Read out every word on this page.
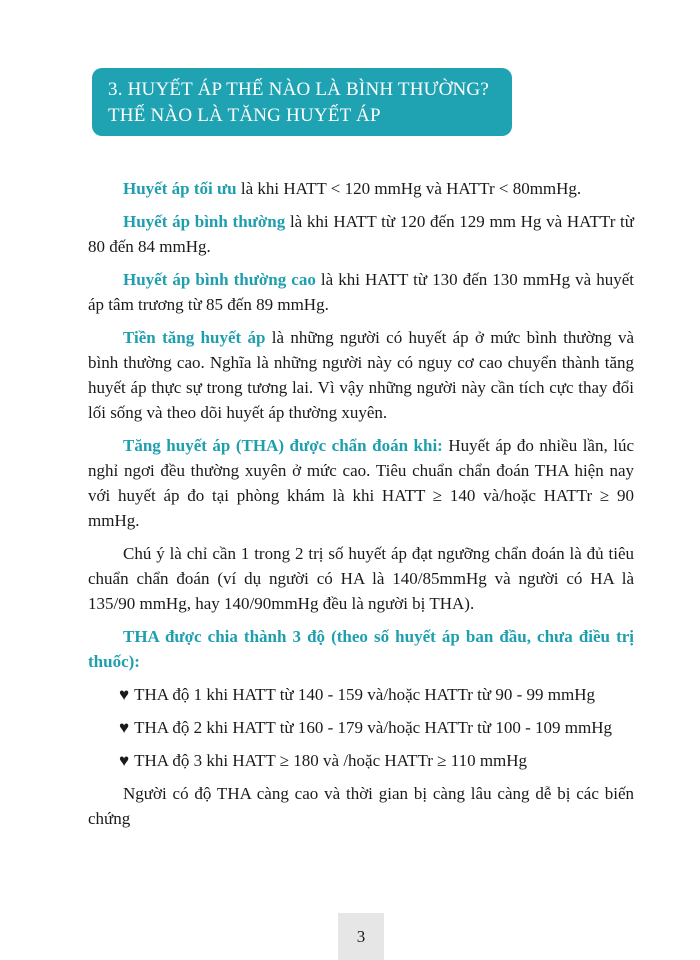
3. HUYẾT ÁP THẾ NÀO LÀ BÌNH THƯỜNG?
THẾ NÀO LÀ TĂNG HUYẾT ÁP

Huyết áp tối ưu là khi HATT < 120 mmHg và HATTr < 80mmHg.

Huyết áp bình thường là khi HATT từ 120 đến 129 mm Hg và HATTr từ 80 đến 84 mmHg.

Huyết áp bình thường cao là khi HATT từ 130 đến 130 mmHg và huyết áp tâm trương từ 85 đến 89 mmHg.

Tiền tăng huyết áp là những người có huyết áp ở mức bình thường và bình thường cao. Nghĩa là những người này có nguy cơ cao chuyển thành tăng huyết áp thực sự trong tương lai. Vì vậy những người này cần tích cực thay đổi lối sống và theo dõi huyết áp thường xuyên.

Tăng huyết áp (THA) được chẩn đoán khi: Huyết áp đo nhiều lần, lúc nghỉ ngơi đều thường xuyên ở mức cao. Tiêu chuẩn chẩn đoán THA hiện nay với huyết áp đo tại phòng khám là khi HATT ≥ 140 và/hoặc HATTr ≥ 90 mmHg.

Chú ý là chỉ cần 1 trong 2 trị số huyết áp đạt ngưỡng chẩn đoán là đủ tiêu chuẩn chẩn đoán (ví dụ người có HA là 140/85mmHg và người có HA là 135/90 mmHg, hay 140/90mmHg đều là người bị THA).

THA được chia thành 3 độ (theo số huyết áp ban đầu, chưa điều trị thuốc):

♥ THA độ 1 khi HATT từ 140 - 159 và/hoặc HATTr từ 90 - 99 mmHg

♥ THA độ 2 khi HATT từ 160 - 179 và/hoặc HATTr từ 100 - 109 mmHg

♥ THA độ 3 khi HATT ≥ 180 và /hoặc HATTr ≥ 110 mmHg

Người có độ THA càng cao và thời gian bị càng lâu càng dễ bị các biến chứng

3
